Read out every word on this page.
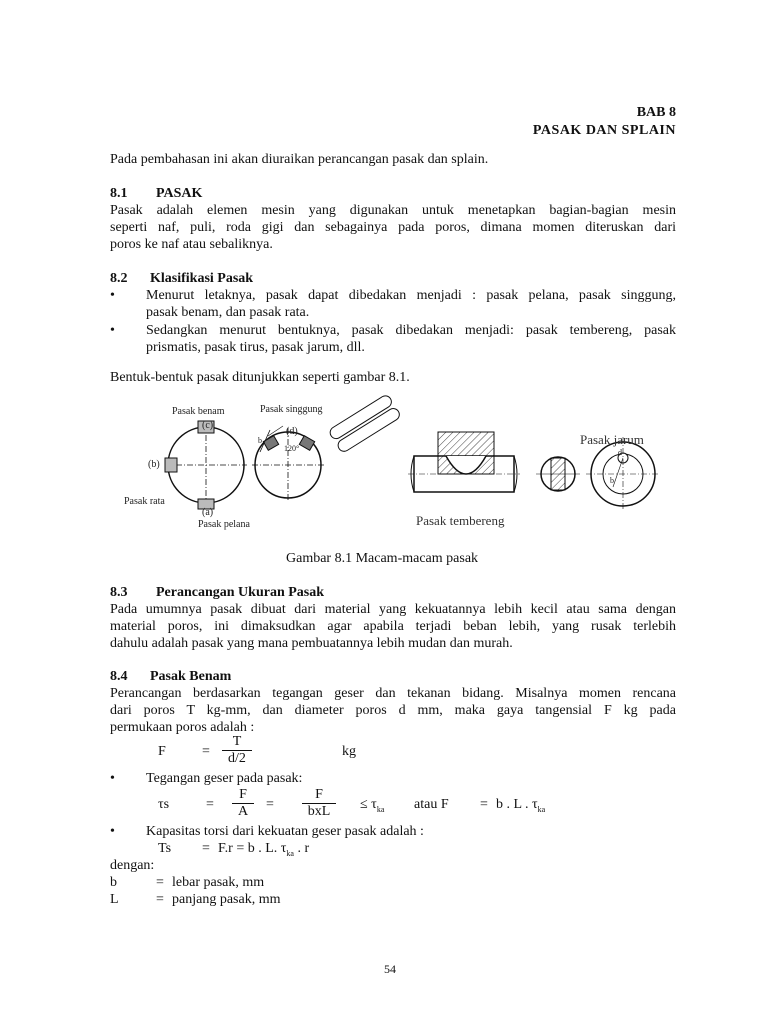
BAB 8
PASAK DAN SPLAIN
Pada pembahasan ini akan diuraikan perancangan pasak dan splain.
8.1 PASAK
Pasak adalah elemen mesin yang digunakan untuk menetapkan bagian-bagian mesin
seperti naf, puli, roda gigi dan sebagainya pada poros, dimana momen diteruskan dari
poros ke naf atau sebaliknya.
8.2 Klasifikasi Pasak
• Menurut letaknya, pasak dapat dibedakan menjadi : pasak pelana, pasak singgung,
pasak benam, dan pasak rata.
• Sedangkan menurut bentuknya, pasak dibedakan menjadi: pasak tembereng, pasak
prismatis, pasak tirus, pasak jarum, dll.
Bentuk-bentuk pasak ditunjukkan seperti gambar 8.1.
Pasak benam	Pasak singgung
(c)
(d)
120°
b
(b)
Pasak rata
(a)
Pasak pelana	Pasak tembereng
Pasak jarum
d
b
Gambar 8.1 Macam-macam pasak
8.3 Perancangan Ukuran Pasak
Pada umumnya pasak dibuat dari material yang kekuatannya lebih kecil atau sama dengan
material poros, ini dimaksudkan agar apabila terjadi beban lebih, yang rusak terlebih
dahulu adalah pasak yang mana pembuatannya lebih mudan dan murah.
8.4 Pasak Benam
Perancangan berdasarkan tegangan geser dan tekanan bidang. Misalnya momen rencana
dari poros T kg-mm, dan diameter poros d mm, maka gaya tangensial F kg pada
permukaan poros adalah :
F	= $\frac{T}{d/2}$	kg
• Tegangan geser pada pasak:
τs	= $\frac{F}{A}$ =
F
bxL	≤ $\tau_{ka}$ atau F = b . L . $\tau_{ka}$
• Kapasitas torsi dari kekuatan geser pasak adalah :
Ts = F.r = b . L. $\tau_{ka}$ . r
dengan:
b	= lebar pasak, mm
L	= panjang pasak, mm
54
